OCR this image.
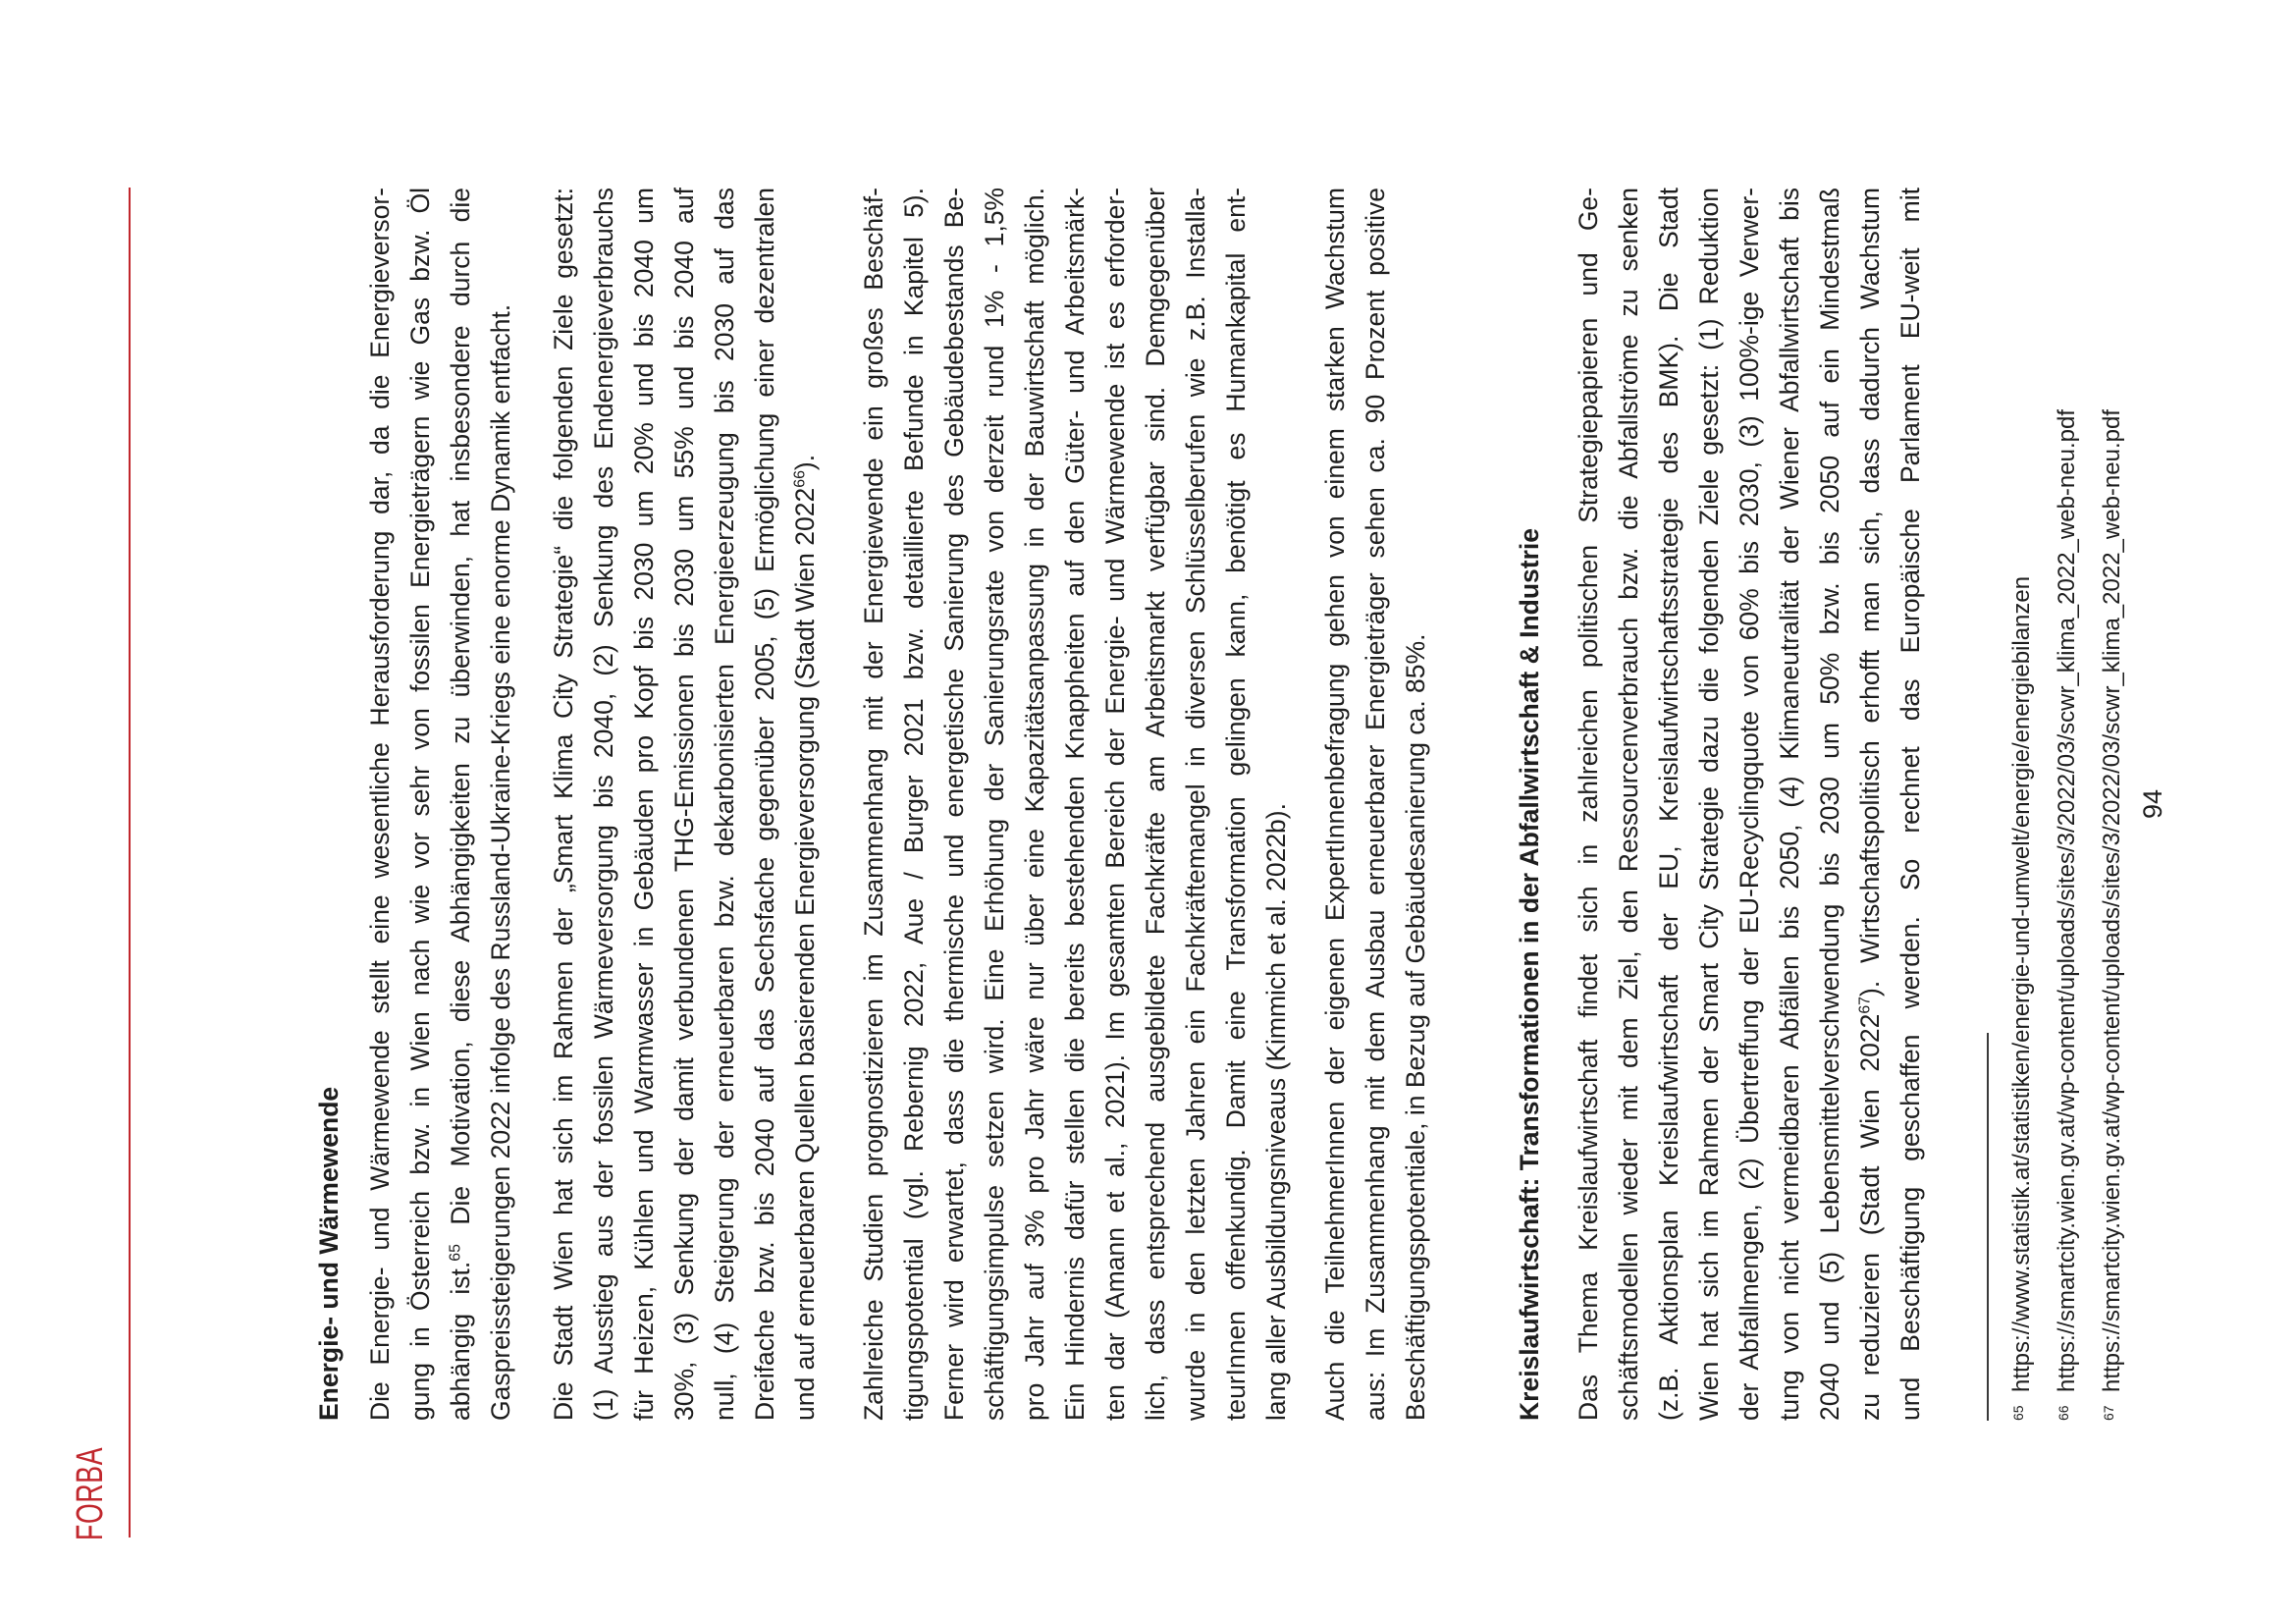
FORBA
Energie- und Wärmewende Die Energie- und Wärmewende stellt eine wesentliche Herausforderung dar, da die Energieversor- gung in Österreich bzw. in Wien nach wie vor sehr von fossilen Energieträgern wie Gas bzw. Öl abhängig ist.$^{65}$ Die Motivation, diese Abhängigkeiten zu überwinden, hat insbesondere durch die Gaspreissteigerungen 2022 infolge des Russland-Ukraine-Kriegs eine enorme Dynamik entfacht. Die Stadt Wien hat sich im Rahmen der „Smart Klima City Strategie“ die folgenden Ziele gesetzt: (1) Ausstieg aus der fossilen Wärmeversorgung bis 2040, (2) Senkung des Endenergieverbrauchs für Heizen, Kühlen und Warmwasser in Gebäuden pro Kopf bis 2030 um 20% und bis 2040 um 30%, (3) Senkung der damit verbundenen THG-Emissionen bis 2030 um 55% und bis 2040 auf null, (4) Steigerung der erneuerbaren bzw. dekarbonisierten Energieerzeugung bis 2030 auf das Dreifache bzw. bis 2040 auf das Sechsfache gegenüber 2005, (5) Ermöglichung einer dezentralen und auf erneuerbaren Quellen basierenden Energieversorgung (Stadt Wien 2022$^{66}$). Zahlreiche Studien prognostizieren im Zusammenhang mit der Energiewende ein großes Beschäf- tigungspotential (vgl. Rebernig 2022, Aue / Burger 2021 bzw. detaillierte Befunde in Kapitel 5). Ferner wird erwartet, dass die thermische und energetische Sanierung des Gebäudebestands Be- schäftigungsimpulse setzen wird. Eine Erhöhung der Sanierungsrate von derzeit rund 1% - 1,5% pro Jahr auf 3% pro Jahr wäre nur über eine Kapazitätsanpassung in der Bauwirtschaft möglich. Ein Hindernis dafür stellen die bereits bestehenden Knappheiten auf den Güter- und Arbeitsmärk- ten dar (Amann et al., 2021). Im gesamten Bereich der Energie- und Wärmewende ist es erforder- lich, dass entsprechend ausgebildete Fachkräfte am Arbeitsmarkt verfügbar sind. Demgegenüber wurde in den letzten Jahren ein Fachkräftemangel in diversen Schlüsselberufen wie z.B. Installa- teurInnen offenkundig. Damit eine Transformation gelingen kann, benötigt es Humankapital ent- lang aller Ausbildungsniveaus (Kimmich et al. 2022b). Auch die TeilnehmerInnen der eigenen ExpertInnenbefragung gehen von einem starken Wachstum aus: Im Zusammenhang mit dem Ausbau erneuerbarer Energieträger sehen ca. 90 Prozent positive Beschäftigungspotentiale, in Bezug auf Gebäudesanierung ca. 85%.	Kreislaufwirtschaft: Transformationen in der Abfallwirtschaft & Industrie Das Thema Kreislaufwirtschaft findet sich in zahlreichen politischen Strategiepapieren und Ge- schäftsmodellen wieder mit dem Ziel, den Ressourcenverbrauch bzw. die Abfallströme zu senken (z.B. Aktionsplan Kreislaufwirtschaft der EU, Kreislaufwirtschaftsstrategie des BMK). Die Stadt Wien hat sich im Rahmen der Smart City Strategie dazu die folgenden Ziele gesetzt: (1) Reduktion der Abfallmengen, (2) Übertreffung der EU-Recyclingquote von 60% bis 2030, (3) 100%-ige Verwer- tung von nicht vermeidbaren Abfällen bis 2050, (4) Klimaneutralität der Wiener Abfallwirtschaft bis 2040 und (5) Lebensmittelverschwendung bis 2030 um 50% bzw. bis 2050 auf ein Mindestmaß zu reduzieren (Stadt Wien 2022$^{67}$). Wirtschaftspolitisch erhofft man sich, dass dadurch Wachstum und Beschäftigung geschaffen werden. So rechnet das Europäische Parlament EU-weit mit	65
https://www.statistik.at/statistiken/energie-und-umwelt/energie/energiebilanzen
66
https://smartcity.wien.gv.at/wp-content/uploads/sites/3/2022/03/scwr_klima_2022_web-neu.pdf
67
https://smartcity.wien.gv.at/wp-content/uploads/sites/3/2022/03/scwr_klima_2022_web-neu.pdf 94
